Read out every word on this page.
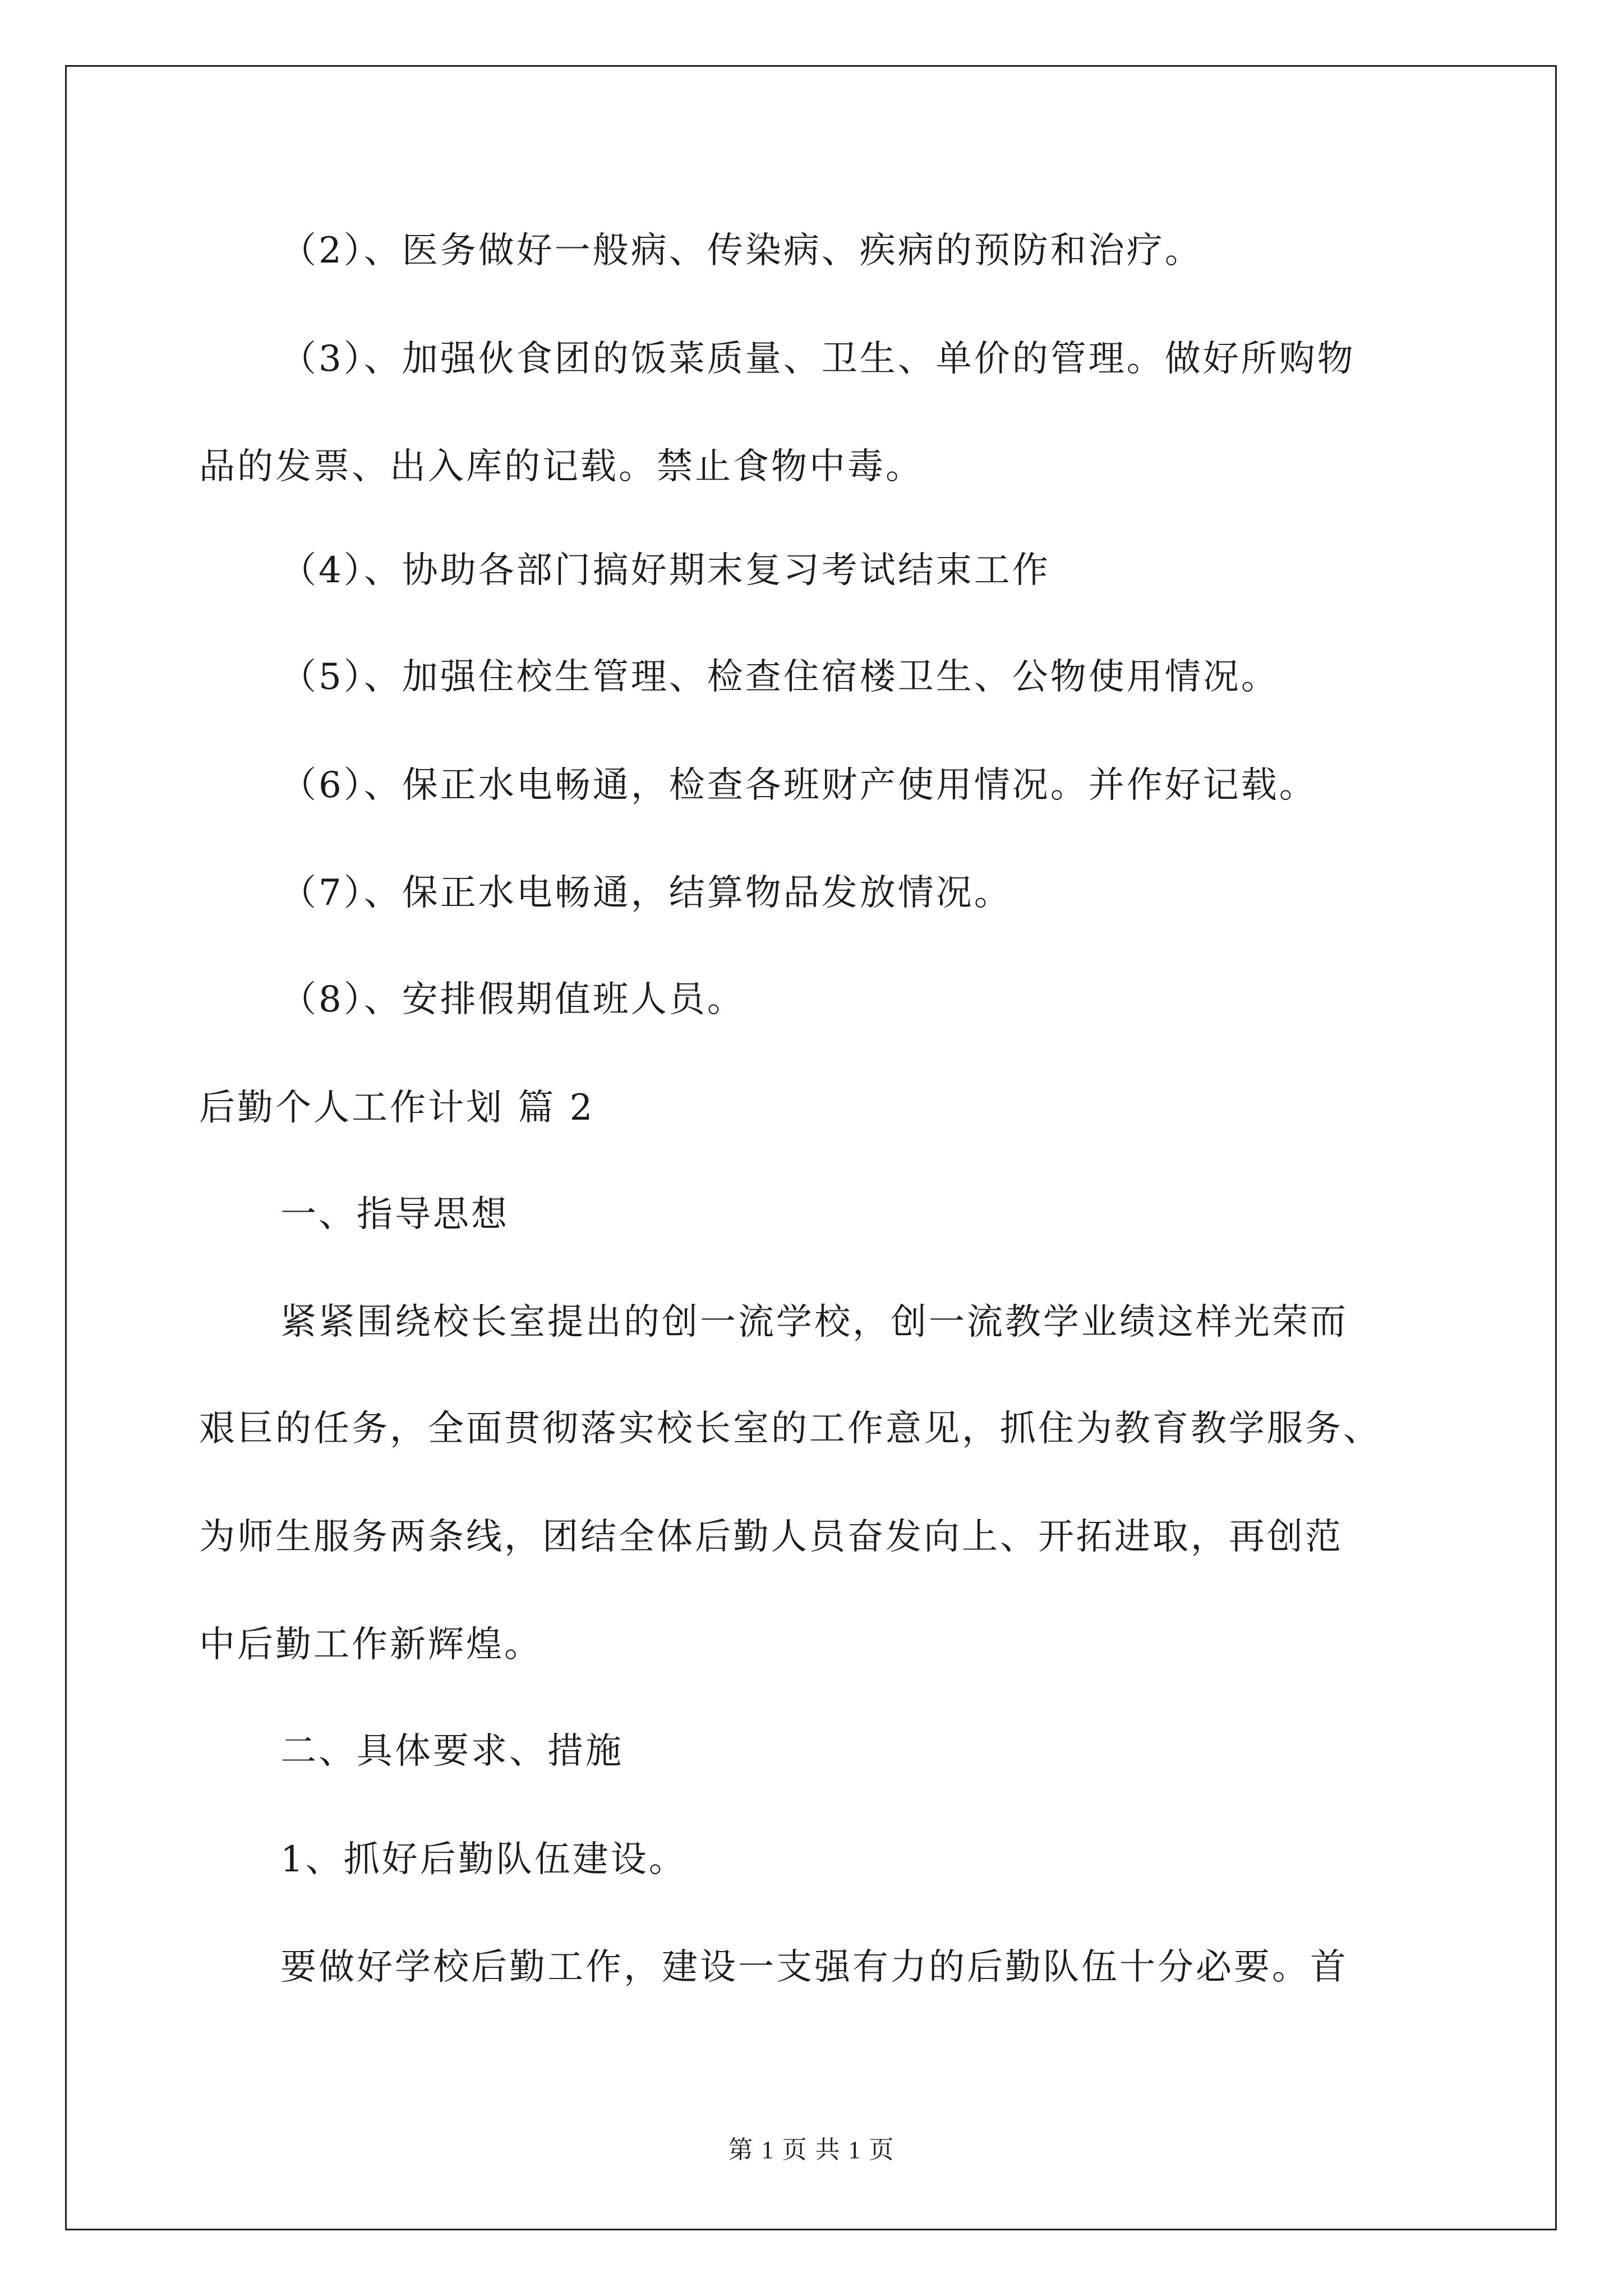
（2）、医务做好一般病、传染病、疾病的预防和治疗。
（3）、加强伙食团的饭菜质量、卫生、单价的管理。做好所购物
品的发票、出入库的记载。禁止食物中毒。
（4）、协助各部门搞好期末复习考试结束工作
（5）、加强住校生管理、检查住宿楼卫生、公物使用情况。
（6）、保正水电畅通，检查各班财产使用情况。并作好记载。
（7）、保正水电畅通，结算物品发放情况。
（8）、安排假期值班人员。
后勤个人工作计划 篇 2
一、指导思想
紧紧围绕校长室提出的创一流学校，创一流教学业绩这样光荣而
艰巨的任务，全面贯彻落实校长室的工作意见，抓住为教育教学服务、
为师生服务两条线，团结全体后勤人员奋发向上、开拓进取，再创范
中后勤工作新辉煌。
二、具体要求、措施
1、抓好后勤队伍建设。
要做好学校后勤工作，建设一支强有力的后勤队伍十分必要。首
第 1 页 共 1 页
